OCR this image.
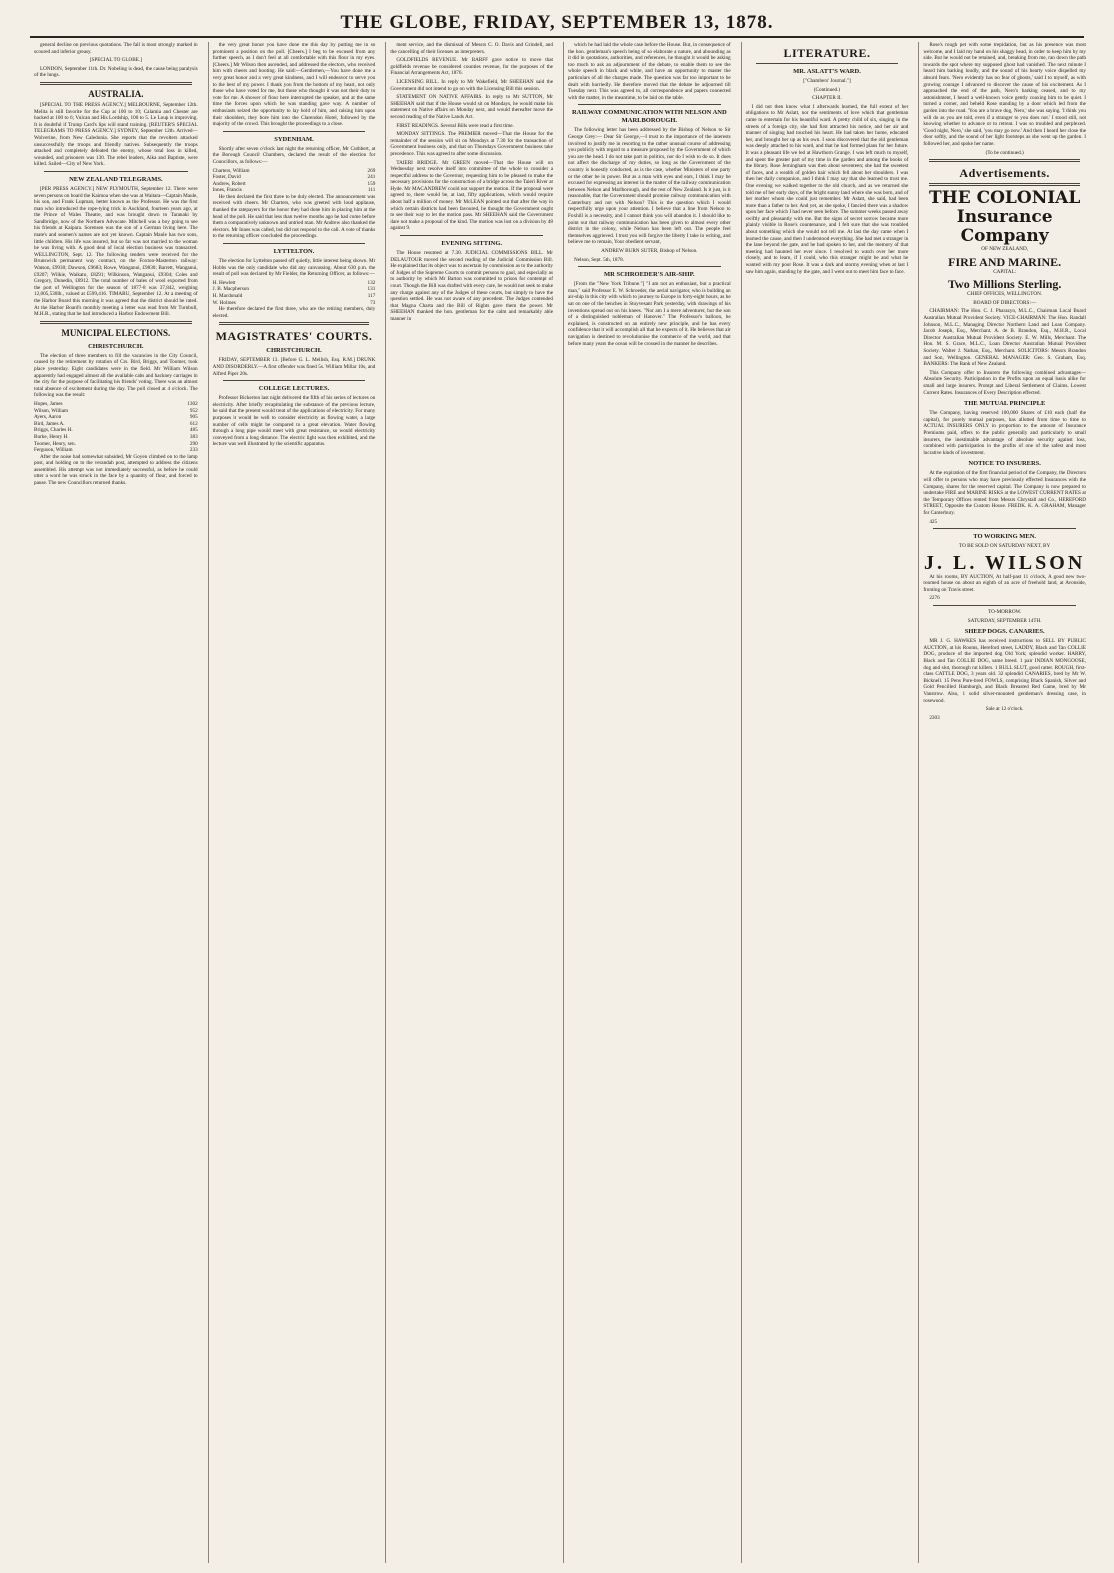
THE GLOBE, FRIDAY, SEPTEMBER 13, 1878.

general decline on previous quotations. The fall is most strongly marked in scoured and inferior greasy.

[SPECIAL TO GLOBE.]

LONDON, September 11th. Dr. Nobeling is dead, the cause being paralysis of the lungs.

AUSTRALIA.

[SPECIAL TO THE PRESS AGENCY.] MELBOURNE, September 12th. Melita is still favorite for the Cup at 100 to 10; Calamia and Chester are backed at 100 to 6; Vulcan and His Lordship, 100 to 5. Le Loup is improving. It is doubtful if Trump Card's lips will stand training. [REUTER'S SPECIAL TELEGRAMS TO PRESS AGENCY.] SYDNEY, September 12th. Arrived—Wolverine, from New Caledonia. She reports that the revolters attacked unsuccessfully the troops and friendly natives. Subsequently the troops attacked and completely defeated the enemy, whose total loss in killed, wounded, and prisoners was 130. The rebel leaders, Aika and Baptiste, were killed. Sailed—City of New York.

NEW ZEALAND TELEGRAMS.

[PER PRESS AGENCY.] NEW PLYMOUTH, September 12. There were seven persons on board the Kaimoa when she was at Waitara—Captain Maule, his son, and Frank Lupman, better known as the Professor. He was the first man who introduced the rope-tying trick in Auckland, fourteen years ago, at the Prince of Wales Theatre, and was brought down to Taranaki by Sandbridge, now of the Northern Advocate. Mitchell was a boy going to see his friends at Kaipara. Sorensen was the son of a German living here. The mate's and seamen's names are not yet known. Captain Maule has two sons, little children. His life was insured, but so far was not married to the woman he was living with. A good deal of local election business was transacted. WELLINGTON, Sept. 12. The following tenders were received for the Brunswick permanent way contract, on the Foxton-Masterton railway: Watson, £9930; Dawson, £9683; Rowe, Wanganui, £9830; Barrett, Wanganui, £9207; Wilkie, Waikato, £8291; Wilkinson, Wanganui, £9304; Coles and Gregory, Dunedin, £8912. The total number of bales of wool exported from the port of Wellington for the season of 1877-8 was 37,842, weighing 12,005,530lb., valued at £599,416. TIMARU, September 12. At a meeting of the Harbor Board this morning it was agreed that the district should be rated. At the Harbor Board's monthly meeting a letter was read from Mr Turnbull, M.H.R., stating that he had introduced a Harbor Endowment Bill.

MUNICIPAL ELECTIONS.
CHRISTCHURCH.

The election of three members to fill the vacancies in the City Council, caused by the retirement by rotation of Crs. Bird, Briggs, and Toomer, took place yesterday. Eight candidates were in the field. Mr William Wilson apparently had engaged almost all the available cabs and hackney carriages in the city for the purpose of facilitating his friends' voting. There was an almost total absence of excitement during the day. The poll closed at 4 o'clock. The following was the result:

Hopes, James	1302
Wilson, William	952
Ayers, Aaron	905
Bird, James A.	612
Briggs, Charles H.	485
Burke, Henry H.	383
Toomer, Henry, sen.	290
Ferguson, William	233

After the noise had somewhat subsided, Mr Goyen climbed on to the lamp post, and holding on to the verandah post, attempted to address the citizens assembled. His attempt was not immediately successful, as before he could utter a word he was struck in the face by a quantity of flour, and forced to pause. The new Councillors returned thanks.

the very great honor you have done me this day by putting me in so prominent a position on the poll. [Cheers.] I beg to be excused from any further speech, as I don't feel at all comfortable with this flour in my eyes. [Cheers.] Mr Wilson then ascended, and addressed the electors, who received him with cheers and hooting. He said:—Gentlemen,—You have done me a very great honor and a very great kindness, and I will endeavor to serve you to the best of my power. I thank you from the bottom of my heart, not only those who have voted for me, but those who thought it was not their duty to vote for me. A shower of flour here interrupted the speaker, and at the same time the forces upon which he was standing gave way. A number of enthusiasts seized the opportunity to lay hold of him, and raising him upon their shoulders, they bore him into the Clarendon Hotel, followed by the majority of the crowd. This brought the proceedings to a close.

SYDENHAM.

Shortly after seven o'clock last night the returning officer, Mr Cuthbert, at the Borough Council Chambers, declared the result of the election for Councillors, as follows:—

Charters, William	269
Foster, David	241
Andrew, Robert	159
Innes, Francis	111

He then declared the first three to be duly elected. The announcement was received with cheers. Mr Charters, who was greeted with loud applause, thanked the ratepayers for the honor they had done him in placing him at the head of the poll. He said that less than twelve months ago he had come before them a comparatively unknown and untried man. Mr Andrew also thanked the electors. Mr Innes was called, but did not respond to the call. A vote of thanks to the returning officer concluded the proceedings.

LYTTELTON.

The election for Lyttelton passed off quietly, little interest being shown. Mr Hobbs was the only candidate who did any canvassing. About 630 p.m. the result of poll was declared by Mr Fielder, the Returning Officer, as follows:—

H. Hewlett	132
J. B. Macpherson	131
H. Macdonald	117
W. Holmes	73

He therefore declared the first three, who are the retiring members, duly elected.

MAGISTRATES' COURTS.
CHRISTCHURCH.

FRIDAY, SEPTEMBER 13. [Before G. L. Mellish, Esq. R.M.] DRUNK AND DISORDERLY.—A first offender was fined 5s. William Millar 10s, and Alfred Piper 20s.

COLLEGE LECTURES.

Professor Bickerton last night delivered the fifth of his series of lectures on electricity. After briefly recapitulating the substance of the previous lecture, he said that the present would treat of the applications of electricity. For many purposes it would be well to consider electricity as flowing water, a large number of cells might be compared to a great elevation. Water flowing through a long pipe would meet with great resistance, so would electricity conveyed from a long distance. The electric light was then exhibited, and the lecture was well illustrated by the scientific apparatus.

ment service, and the dismissal of Messrs C. O. Davis and Grindell, and the cancelling of their licenses as interpreters.

GOLDFIELDS REVENUE. Mr BARFF gave notice to move that goldfields revenue be considered counties revenue, for the purposes of the Financial Arrangements Act, 1876.

LICENSING BILL. In reply to Mr Wakefield, Mr SHEEHAN said the Government did not intend to go on with the Licensing Bill this session.

STATEMENT ON NATIVE AFFAIRS. In reply to Mr SUTTON, Mr SHEEHAN said that if the House would sit on Mondays, he would make his statement on Native affairs on Monday next, and would thereafter move the second reading of the Native Lands Act.

FIRST READINGS. Several Bills were read a first time.

MONDAY SITTINGS. The PREMIER moved—That the House for the remainder of the session will sit on Mondays at 7.30 for the transaction of Government business only, and that on Thursdays Government business take precedence. This was agreed to after some discussion.

TAIERI BRIDGE. Mr GREEN moved—That the House will on Wednesday next resolve itself into committee of the whole to consider a respectful address to the Governor, requesting him to be pleased to make the necessary provisions for the construction of a bridge across the Taieri River at Hyde. Mr MACANDREW could not support the motion. If the proposal were agreed to, there would be, at last, fifty applications, which would require about half a million of money. Mr McLEAN pointed out that after the way in which certain districts had been favoured, he thought the Government ought to see their way to let the motion pass. Mr SHEEHAN said the Government dare not make a proposal of the kind. The motion was lost on a division by 48 against 9.

EVENING SITTING.

The House resumed at 7.30. JUDICIAL COMMISSIONS BILL. Mr DELAUTOUR moved the second reading of the Judicial Commission Bill. He explained that its object was to ascertain by commission as to the authority of Judges of the Supreme Courts to commit persons to gaol, and especially as to authority by which Mr Barton was committed to prison for contempt of court. Though the Bill was drafted with every care, he would not seek to make any charge against any of the Judges of these courts, but simply to have the question settled. He was not aware of any precedent. The Judges contended that Magna Charta and the Bill of Rights gave them the power. Mr SHEEHAN thanked the hon. gentleman for the calm and remarkably able manner in

which he had laid the whole case before the House. But, in consequence of the hon. gentleman's speech being of so elaborate a nature, and abounding as it did in quotations, authorities, and references, he thought it would be asking too much to ask an adjournment of the debate, to enable them to see the whole speech in black and white, and have an opportunity to master the particulars of all the charges made. The question was far too important to be dealt with hurriedly. He therefore moved that the debate be adjourned till Tuesday next. This was agreed to, all correspondence and papers connected with the matter, in the meantime, to be laid on the table.

RAILWAY COMMUNICATION WITH NELSON AND MARLBOROUGH.

The following letter has been addressed by the Bishop of Nelson to Sir George Grey:— Dear Sir George,—I trust to the importance of the interests involved to justify me in resorting to the rather unusual course of addressing you publicly with regard to a measure proposed by the Government of which you are the head. I do not take part in politics, nor do I wish to do so. It does not affect the discharge of my duties, so long as the Government of the country is honestly conducted, as is the case, whether Ministers of one party or the other be in power. But as a man with eyes and ears, I think I may be excused for expressing an interest in the matter of the railway communication between Nelson and Marlborough, and the rest of New Zealand. Is it just, is it reasonable, that the Government should promise railway communication with Canterbury and not with Nelson? This is the question which I would respectfully urge upon your attention. I believe that a line from Nelson to Foxhill is a necessity, and I cannot think you will abandon it. I should like to point out that railway communication has been given to almost every other district in the colony, while Nelson has been left out. The people feel themselves aggrieved. I trust you will forgive the liberty I take in writing, and believe me to remain, Your obedient servant,

ANDREW BURN SUTER, Bishop of Nelson.

Nelson, Sept. 5th, 1878.

MR SCHROEDER'S AIR-SHIP.

[From the "New York Tribune."] "I am not an enthusiast, but a practical man," said Professor E. W. Schroeder, the aerial navigator, who is building an air-ship in this city with which to journey to Europe in forty-eight hours, as he sat on one of the benches in Stuyvesant Park yesterday, with drawings of his inventions spread out on his knees. "Nor am I a mere adventurer, but the son of a distinguished nobleman of Hanover." The Professor's balloon, he explained, is constructed on an entirely new principle, and he has every confidence that it will accomplish all that he expects of it. He believes that air navigation is destined to revolutionise the commerce of the world, and that before many years the ocean will be crossed in the manner he describes.

LITERATURE.
MR. ASLATT'S WARD.

["Chambers' Journal."]

(Continued.)

CHAPTER II.

I did not then know what I afterwards learned, the full extent of her obligations to Mr Aslatt, nor the sentiments of love which that gentleman came to entertain for his beautiful ward. A pretty child of six, singing in the streets of a foreign city, she had first attracted his notice, and her air and manner of singing had touched his heart. He had taken her home, educated her, and brought her up as his own. I soon discovered that the old gentleman was deeply attached to his ward, and that he had formed plans for her future. It was a pleasant life we led at Hawthorn Grange. I was left much to myself, and spent the greater part of my time in the garden and among the books of the library. Rose Jerningham was then about seventeen; she had the sweetest of faces, and a wealth of golden hair which fell about her shoulders. I was then her daily companion, and I think I may say that she learned to trust me. One evening we walked together to the old church, and as we returned she told me of her early days, of the bright sunny land where she was born, and of her mother whom she could just remember. Mr Aslatt, she said, had been more than a father to her. And yet, as she spoke, I fancied there was a shadow upon her face which I had never seen before. The summer weeks passed away swiftly and pleasantly with me. But the signs of secret sorrow became more plainly visible in Rose's countenance, and I felt sure that she was troubled about something which she would not tell me. At last the day came when I learned the cause, and then I understood everything. She had met a stranger in the lane beyond the gate, and he had spoken to her, and the memory of that meeting had haunted her ever since. I resolved to watch over her more closely, and to learn, if I could, who this stranger might be and what he wanted with my poor Rose. It was a dark and stormy evening when at last I saw him again, standing by the gate, and I went out to meet him face to face.

Rose's rough pet with some trepidation, but as his presence was most welcome, and I laid my hand on his shaggy head, in order to keep him by my side. But he would not be retained, and, breaking from me, ran down the path towards the spot where my supposed ghost had vanished. The next minute I heard him barking loudly, and the sound of his hearty voice dispelled my absurd fears. 'Nero evidently has no fear of ghosts,' said I to myself, as with growing courage I advanced to discover the cause of his excitement. As I approached the end of the path, Nero's barking ceased, and to my astonishment, I heard a well-known voice gently coaxing him to be quiet. I turned a corner, and beheld Rose standing by a door which led from the garden into the road. 'You are a brave dog, Nero,' she was saying. 'I think you will do as you are told, even if a stranger to you does not.' I stood still, not knowing whether to advance or to retreat. I was so troubled and perplexed. 'Good night, Nero,' she said, 'you may go now.' And then I heard her close the door softly, and the sound of her light footsteps as she went up the garden. I followed her, and spoke her name.

(To be continued.)

Advertisements.
THE COLONIAL
Insurance Company

OF NEW ZEALAND,

FIRE AND MARINE.

CAPITAL:

Two Millions Sterling.

CHIEF OFFICES, WELLINGTON.

BOARD OF DIRECTORS:—

CHAIRMAN: The Hon. C. J. Pharazyn, M.L.C., Chairman Local Board Australian Mutual Provident Society. VICE-CHAIRMAN: The Hon. Randall Johnson, M.L.C., Managing Director Northern Land and Loan Company. Jacob Joseph, Esq., Merchant. A. de B. Brandon, Esq., M.H.R., Local Director Australian Mutual Provident Society. E. W. Mills, Merchant. The Hon. M. S. Grace, M.L.C., Loan Director Australian Mutual Provident Society. Walter J. Nathan, Esq., Merchant. SOLICITORS: Messrs Brandon and Son, Wellington. GENERAL MANAGER: Geo. S. Graham, Esq. BANKERS: The Bank of New Zealand.

This Company offer to Insurers the following combined advantages— Absolute Security. Participation in the Profits upon an equal basis alike for small and large insurers. Prompt and Liberal Settlement of Claims. Lowest Current Rates. Insurances of Every Description effected.

THE MUTUAL PRINCIPLE

The Company, having reserved 100,000 Shares of £10 each (half the capital), for purely mutual purposes, has allotted from time to time to ACTUAL INSURERS ONLY in proportion to the amount of Insurance Premiums paid, offers to the public generally and particularly to small insurers, the inestimable advantage of absolute security against loss, combined with participation in the profits of one of the safest and most lucrative kinds of investment.

NOTICE TO INSURERS.

At the expiration of the first financial period of the Company, the Directors will offer to persons who may have previously effected Insurances with the Company, shares for the reserved capital. The Company is now prepared to undertake FIRE and MARINE RISKS at the LOWEST CURRENT RATES at the Temporary Offices rented from Messrs Chrystall and Co., HEREFORD STREET, Opposite the Custom House. FREDK. K. A. GRAHAM, Manager for Canterbury.

425

TO WORKING MEN.

TO BE SOLD ON SATURDAY NEXT, BY

J. L. WILSON

At his rooms, BY AUCTION, At half-past 11 o'clock, A good new two-roomed house on about an eighth of an acre of freehold land, at Avonside, fronting on Travis street.

2276

TO-MORROW.

SATURDAY, SEPTEMBER 14TH.

SHEEP DOGS. CANARIES.

MR J. G. HAWKES has received instructions to SELL BY PUBLIC AUCTION, at his Rooms, Hereford street, LADDY, Black and Tan COLLIE DOG, produce of the imported dog Old York; splendid worker. HARRY, Black and Tan COLLIE DOG, same breed. 1 pair INDIAN MONGOOSE, dog and slut, thorough rat killers. 1 BULL SLUT, good ratter. ROUGH, first-class CATTLE DOG, 3 years old. 32 splendid CANARIES, bred by Mr W. Bicknell. 15 Pens Pure-bred FOWLS, comprising Black Spanish, Silver and Gold Pencilled Hamburgh, and Black Breasted Red Game, bred by Mr Vanstrow. Also, 1 solid silver-mounted gentleman's dressing case, in rosewood.

Sale at 12 o'clock.

2303
